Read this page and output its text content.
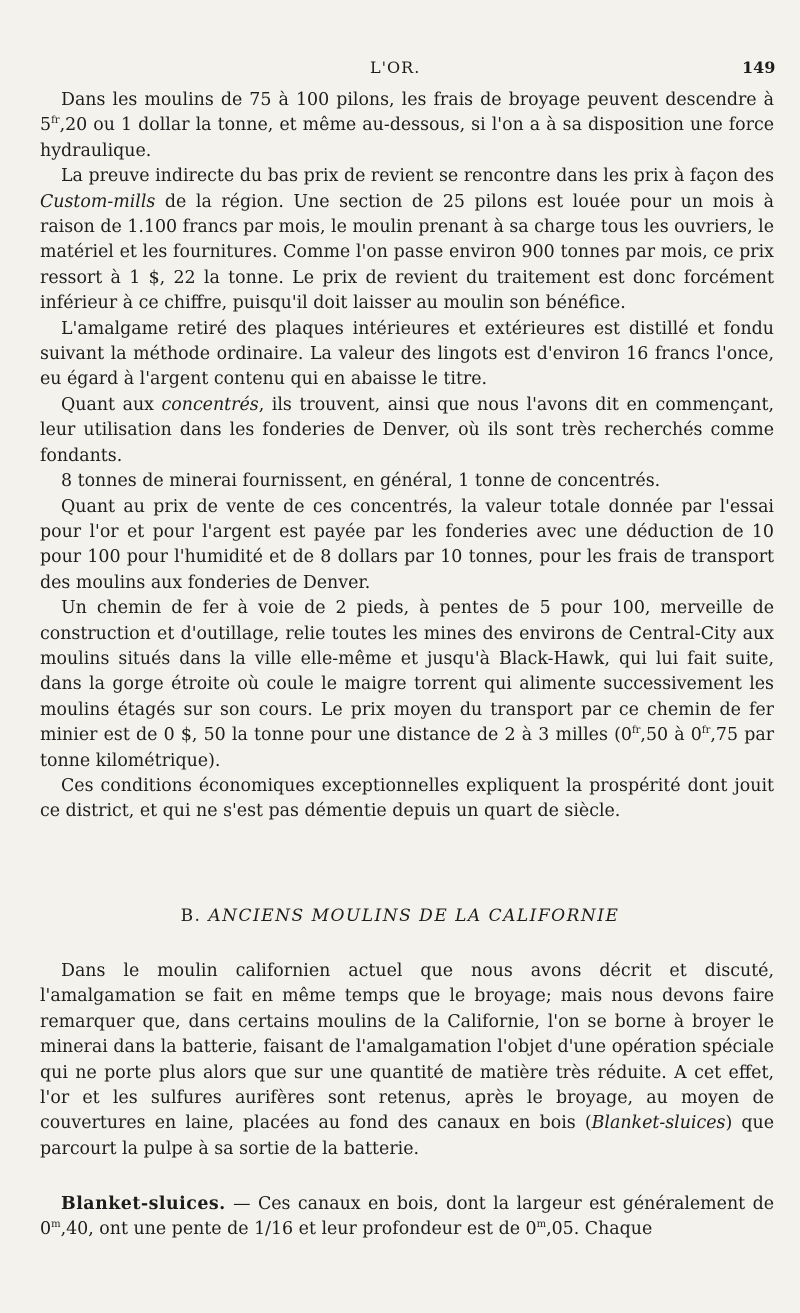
L'OR.	149

Dans les moulins de 75 à 100 pilons, les frais de broyage peuvent descendre à $5^{fr},20$ ou 1 dollar la tonne, et même au-dessous, si l'on a à sa disposition une force hydraulique.

La preuve indirecte du bas prix de revient se rencontre dans les prix à façon des Custom-mills de la région. Une section de 25 pilons est louée pour un mois à raison de 1.100 francs par mois, le moulin prenant à sa charge tous les ouvriers, le matériel et les fournitures. Comme l'on passe environ 900 tonnes par mois, ce prix ressort à 1 $, 22 la tonne. Le prix de revient du traitement est donc forcément inférieur à ce chiffre, puisqu'il doit laisser au moulin son bénéfice.

L'amalgame retiré des plaques intérieures et extérieures est distillé et fondu suivant la méthode ordinaire. La valeur des lingots est d'environ 16 francs l'once, eu égard à l'argent contenu qui en abaisse le titre.

Quant aux concentrés, ils trouvent, ainsi que nous l'avons dit en commençant, leur utilisation dans les fonderies de Denver, où ils sont très recherchés comme fondants.

8 tonnes de minerai fournissent, en général, 1 tonne de concentrés.

Quant au prix de vente de ces concentrés, la valeur totale donnée par l'essai pour l'or et pour l'argent est payée par les fonderies avec une déduction de 10 pour 100 pour l'humidité et de 8 dollars par 10 tonnes, pour les frais de transport des moulins aux fonderies de Denver.

Un chemin de fer à voie de 2 pieds, à pentes de 5 pour 100, merveille de construction et d'outillage, relie toutes les mines des environs de Central-City aux moulins situés dans la ville elle-même et jusqu'à Black-Hawk, qui lui fait suite, dans la gorge étroite où coule le maigre torrent qui alimente successivement les moulins étagés sur son cours. Le prix moyen du transport par ce chemin de fer minier est de 0 $, 50 la tonne pour une distance de 2 à 3 milles ($0^{fr},50$ à $0^{fr},75$ par tonne kilométrique).

Ces conditions économiques exceptionnelles expliquent la prospérité dont jouit ce district, et qui ne s'est pas démentie depuis un quart de siècle.

B. ANCIENS MOULINS DE LA CALIFORNIE

Dans le moulin californien actuel que nous avons décrit et discuté, l'amalgamation se fait en même temps que le broyage; mais nous devons faire remarquer que, dans certains moulins de la Californie, l'on se borne à broyer le minerai dans la batterie, faisant de l'amalgamation l'objet d'une opération spéciale qui ne porte plus alors que sur une quantité de matière très réduite. A cet effet, l'or et les sulfures aurifères sont retenus, après le broyage, au moyen de couvertures en laine, placées au fond des canaux en bois (Blanket-sluices) que parcourt la pulpe à sa sortie de la batterie.

Blanket-sluices. — Ces canaux en bois, dont la largeur est généralement de 0$^m$,40, ont une pente de 1/16 et leur profondeur est de 0$^m$,05. Chaque
